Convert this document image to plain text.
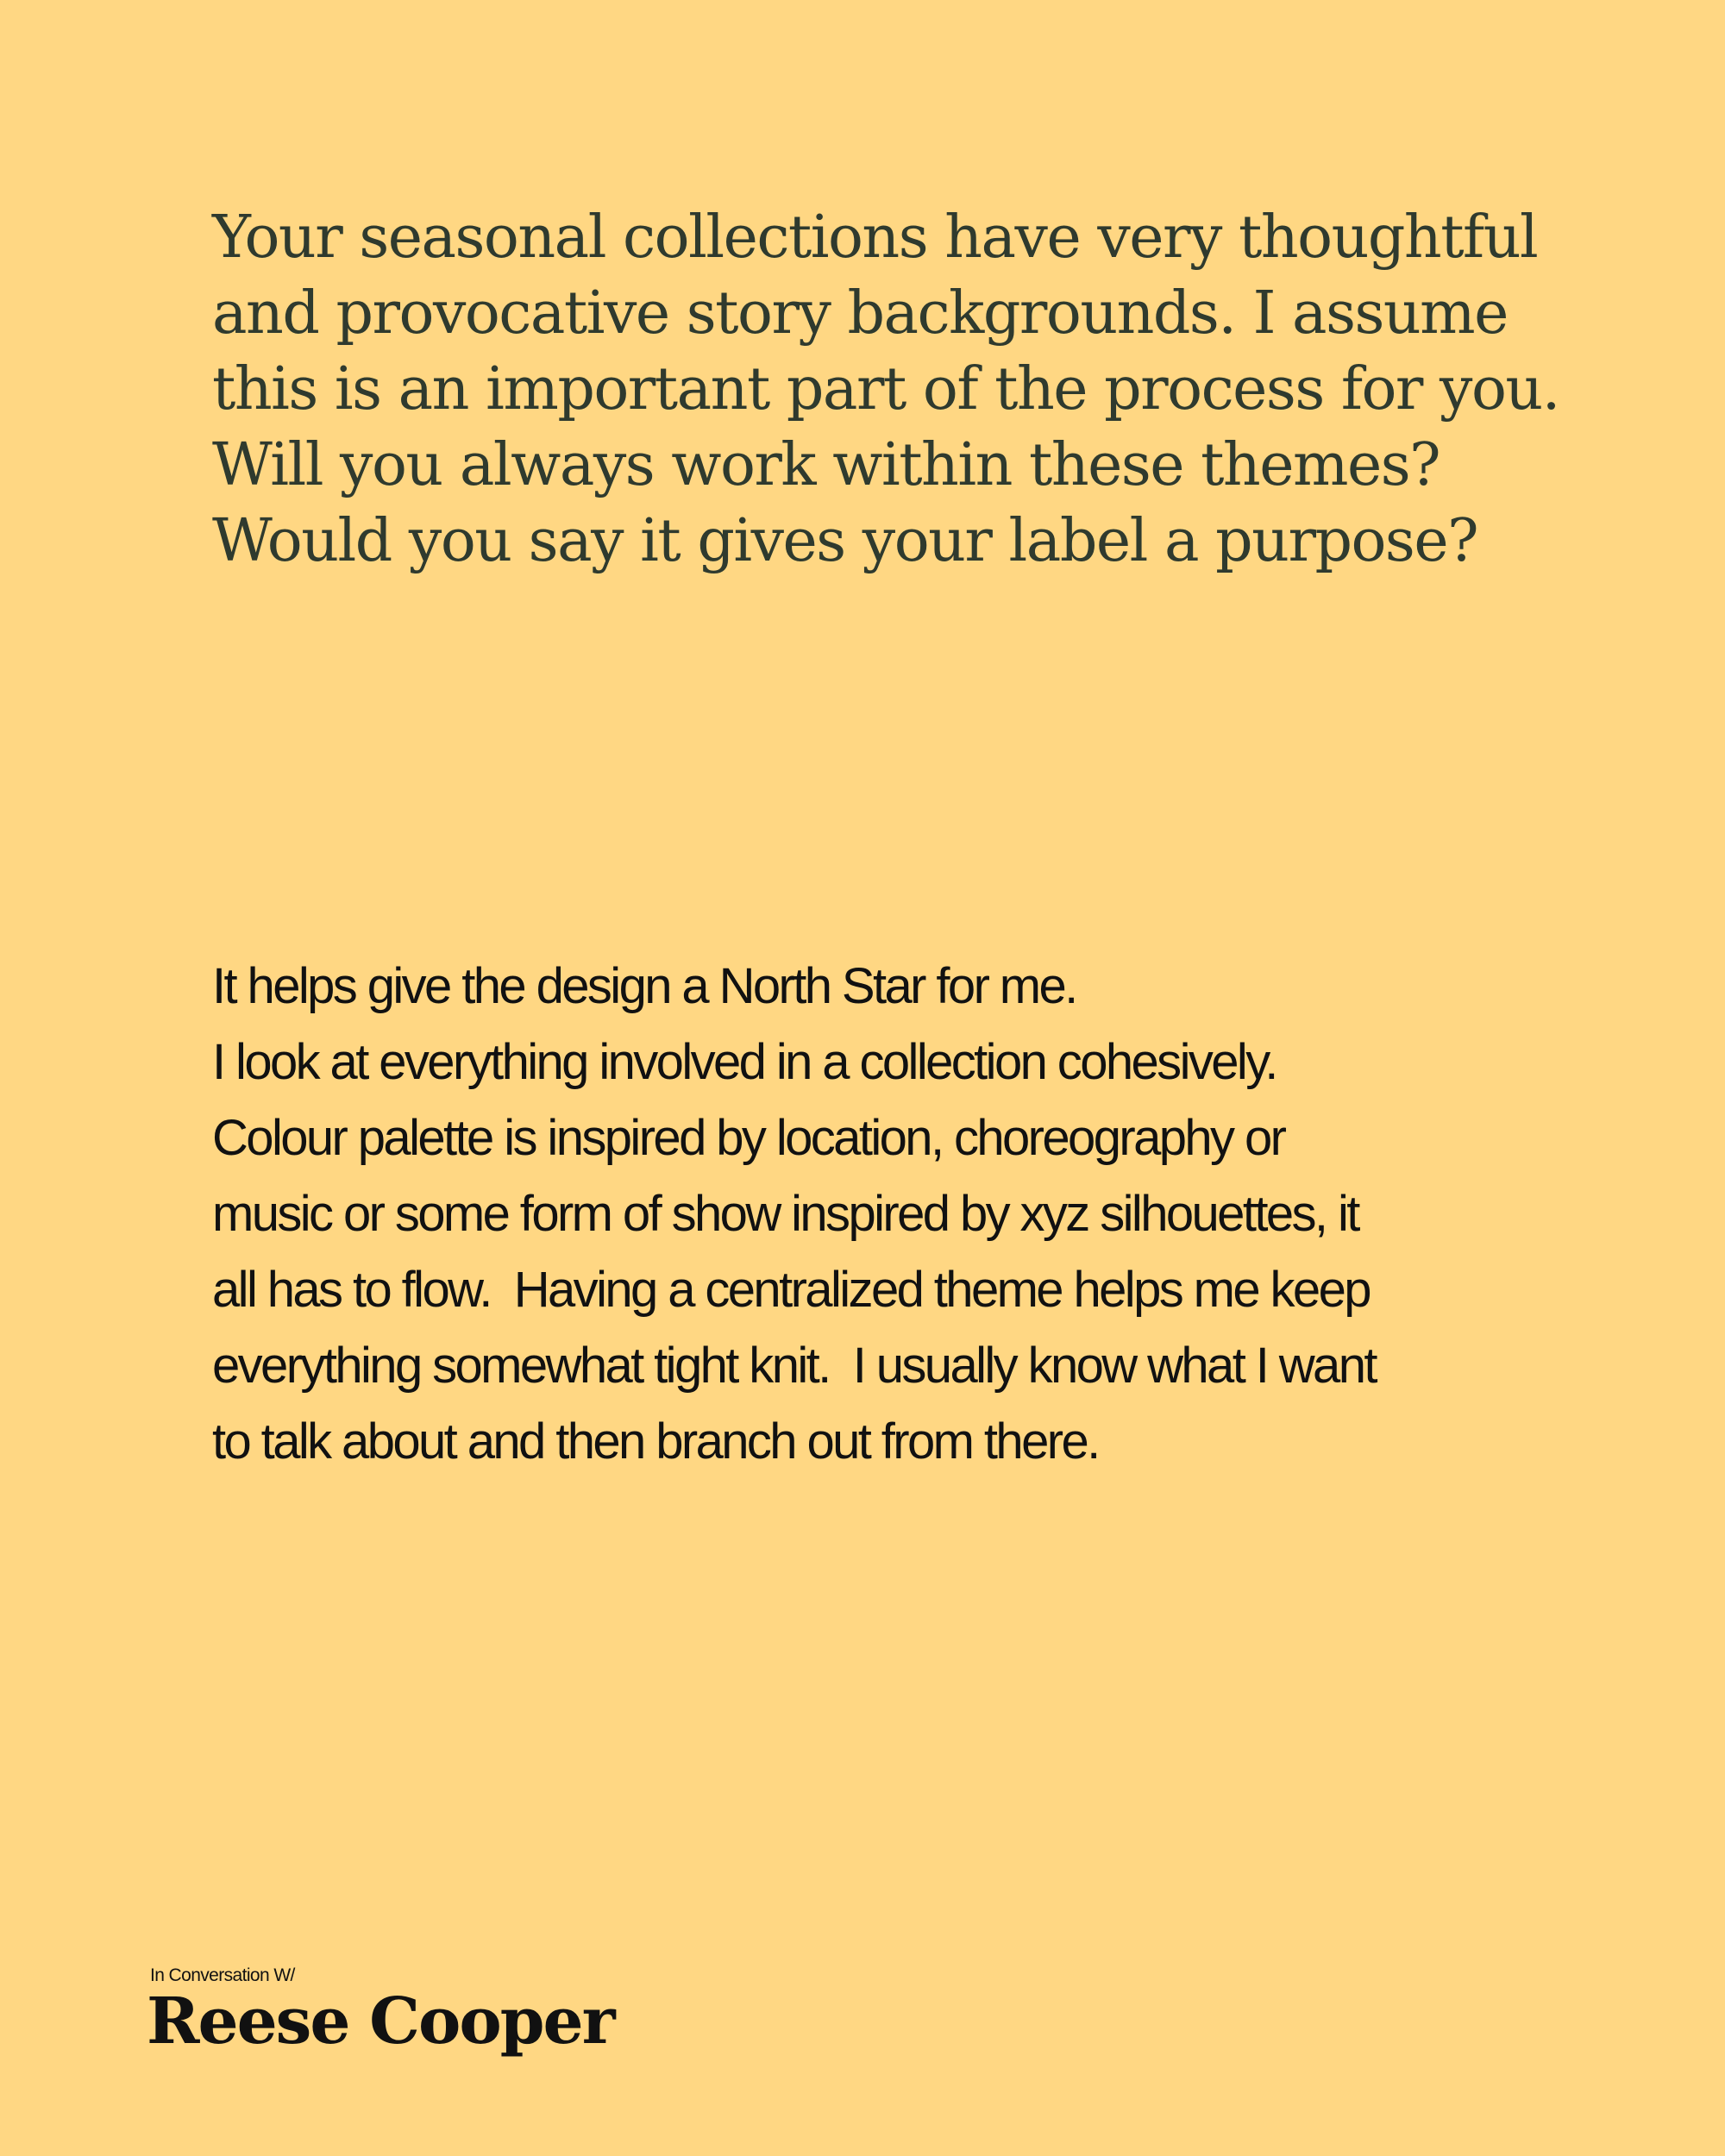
Your seasonal collections have very thoughtful
and provocative story backgrounds. I assume
this is an important part of the process for you.
Will you always work within these themes?
Would you say it gives your label a purpose?

It helps give the design a North Star for me.
I look at everything involved in a collection cohesively.
Colour palette is inspired by location, choreography or
music or some form of show inspired by xyz silhouettes, it
all has to flow.  Having a centralized theme helps me keep
everything somewhat tight knit.  I usually know what I want
to talk about and then branch out from there.

In Conversation W/
Reese Cooper
